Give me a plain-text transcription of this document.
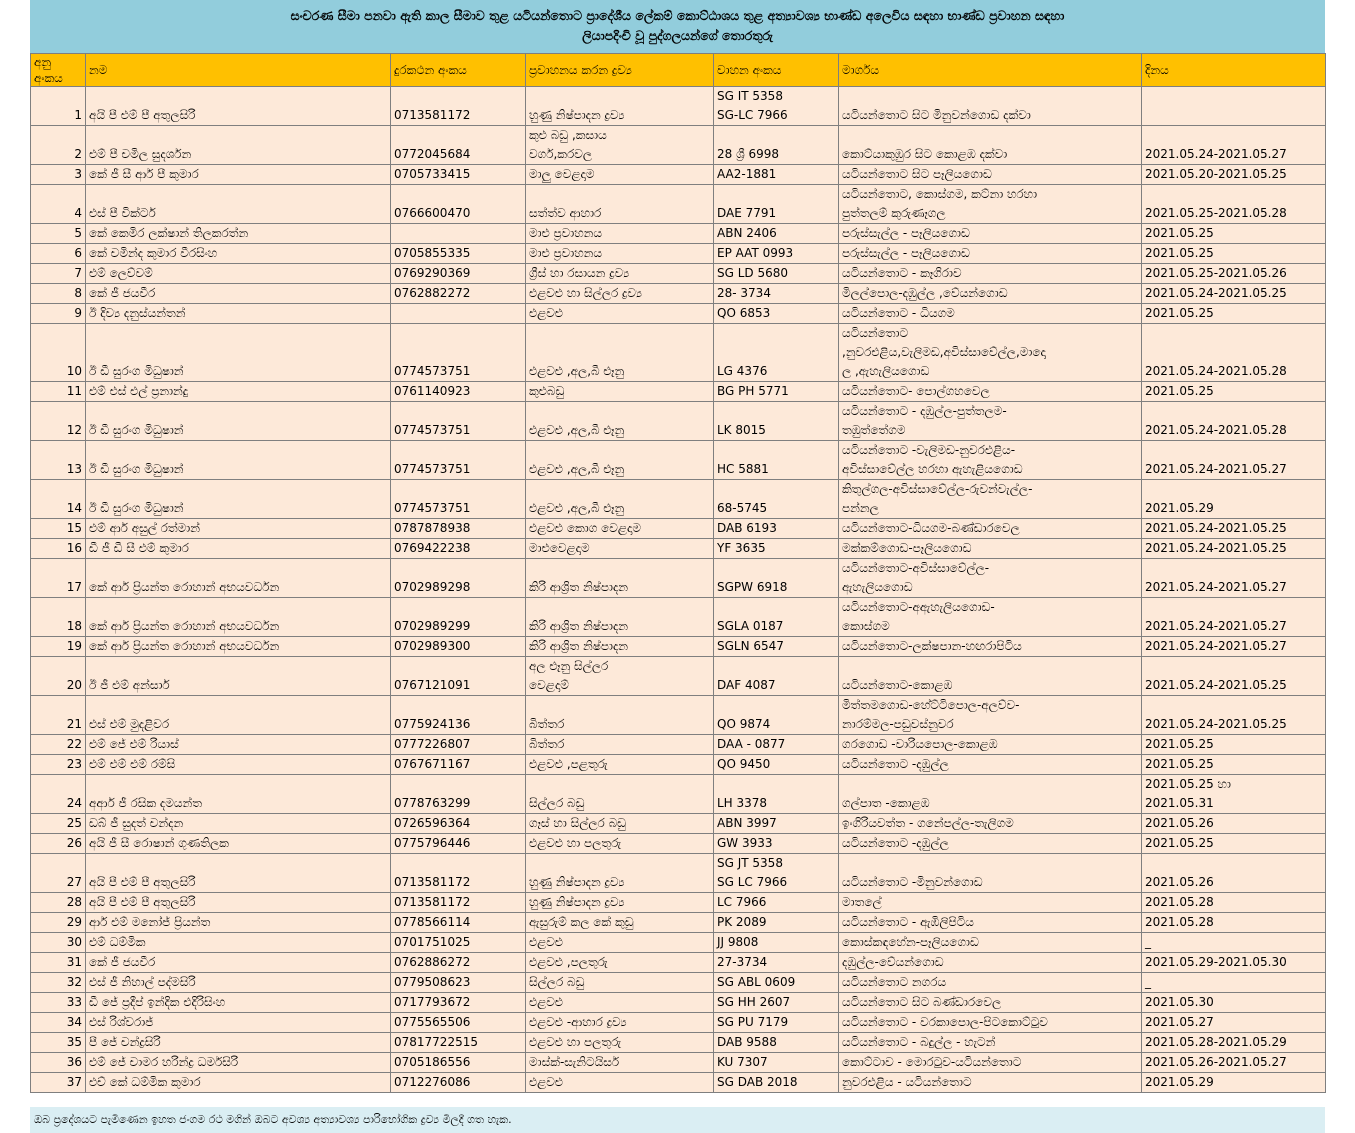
සංචරණ සීමා පනවා ඇති කාල සීමාව තුළ යටියන්තොට ප්‍රාදේශීය ලේකම් කොට්ඨාශය තුළ අත්‍යාවශ්‍ය භාණ්ඩ අලෙවිය සඳහා භාණ්ඩ ප්‍රවාහන සඳහා
ලියාපදිංචි වූ පුද්ගලයන්ගේ තොරතුරු
අනු අංකය	නම	දුරකථන අංකය	ප්‍රවාහනය කරන ද්‍රව්‍ය	වාහන අංකය	මාර්ගය	දිනය
1	අයි පී එම් පී අතුලසිරි	0713581172	හුණු නිෂ්පාදන ද්‍රව්‍ය	SG IT 5358
SG-LC 7966	යටියන්තොට සිට මිනුවන්ගොඩ දක්වා	
2	එම් පී චමිල සුදර්ශන	0772045684	කුළු බඩු ,කසාය
වර්ග,කරවල	28 ශ්‍රී 6998	කොට්යාකුඹුර සිට කොළඹ දක්වා	2021.05.24-2021.05.27
3	කේ ජී සී ආර් පී කුමාර	0705733415	මාලු වෙළදාම	AA2-1881	යටියන්තොට සිට පෑලියගොඩ	2021.05.20-2021.05.25
4	එස් පී වික්ටර්	0766600470	සත්ත්ව ආහාර	DAE 7791	යටියන්තොට, කොස්ගම, කට්නා හරහා
පුත්තලම් කුරුණෑගල	2021.05.25-2021.05.28
5	කේ කෙමිර ලක්ෂාන් තිලකරත්න		මාළු ප්‍රවාහනය	ABN 2406	පරුස්සැල්ල - පෑලියගොඩ	2021.05.25
6	කේ චමින්ද කුමාර වීරසිංහ	0705855335	මාළු ප්‍රවාහනය	EP AAT 0993	පරුස්සැල්ල - පෑලියගොඩ	2021.05.25
7	එම් ලෙව්වම්	0769290369	ග්‍රීස් හා රසායන ද්‍රව්‍ය	SG LD 5680	යටියන්තොට - කෑගිරාව	2021.05.25-2021.05.26
8	කේ ජී ජයවීර	0762882272	එළවළු හා සිල්ලර ද්‍රව්‍ය	28- 3734	මිලල්පොල-දඹුල්ල ,වේයන්ගොඩ	2021.05.24-2021.05.25
9	ඊ දිව්‍ය දනුස්යන්තන්		එළවළු	QO 6853	යටියන්තොට - ධියගම	2021.05.25
10	ඊ ඩී සුරංග මිධුෂාන්	0774573751	එළවළු ,අල,බී ළූනු	LG 4376	යටියන්තොට
,නුවරඑළිය,වැලිමඩ,අවිස්සාවේල්ල,මාදො
ල ,ඇහැලියගොඩ	2021.05.24-2021.05.28
11	එම් එස් එල් ප්‍රනාන්දු	0761140923	කුළුබඩු	BG PH 5771	යටියන්තොට- පොල්ගහවෙල	2021.05.25
12	ඊ ඩී සුරංග මිධුෂාන්	0774573751	එළවළු ,අල,බී ළූනු	LK 8015	යටියන්තොට - දඹුල්ල-පුත්තලම-
තඹුත්තේගම	2021.05.24-2021.05.28
13	ඊ ඩී සුරංග මිධුෂාන්	0774573751	එළවළු ,අල,බී ළූනු	HC 5881	යටියන්තොට -වැලිමඩ-නුවරඑළිය-
අවිස්සාවේල්ල හරහා ඇහැළියගොඩ	2021.05.24-2021.05.27
14	ඊ ඩී සුරංග මිධුෂාන්	0774573751	එළවළු ,අල,බී ළූනු	68-5745	කිතුල්ගල-අවිස්සාවේල්ල-රුවන්වැල්ල-
පන්නල	2021.05.29
15	එම් ආර් අසුල් රත්මාන්	0787878938	එළවළු කොග වෙළදාම	DAB 6193	යටියන්තොට-ධියගම-බණ්ඩාරවෙල	2021.05.24-2021.05.25
16	ඩී ජී ඩී සී එම් කුමාර	0769422238	මාළුවෙළදාම	YF 3635	මක්කම්ගොඩ-පෑලියගොඩ	2021.05.24-2021.05.25
17	කේ ආර් ප්‍රියන්ත රොහාන් අභයවර්ධන	0702989298	කිරි ආශ්‍රිත නිෂ්පාදන	SGPW 6918	යටියන්තොට-අවිස්සාවේල්ල-
ඇහැලියගොඩ	2021.05.24-2021.05.27
18	කේ ආර් ප්‍රියන්ත රොහාන් අභයවර්ධන	0702989299	කිරි ආශ්‍රිත නිෂ්පාදන	SGLA 0187	යටියන්තොට-අඇහැලියගොඩ-
කොස්ගම	2021.05.24-2021.05.27
19	කේ ආර් ප්‍රියන්ත රොහාන් අභයවර්ධන	0702989300	කිරි ආශ්‍රිත නිෂ්පාදන	SGLN 6547	යටියන්තොට-ලක්ෂපාන-හඟරාපිටිය	2021.05.24-2021.05.27
20	ඊ ජී එම් අන්සාර්	0767121091	අල ළූනු සිල්ලර
වෙළදාම්	DAF 4087	යටියන්තොට-කොළඹ	2021.05.24-2021.05.25
21	එස් එම් මුදළිවර	0775924136	බිත්තර	QO 9874	මිත්තමගොඩ-හේට්ටිපොල-අලව්ව-
නාරම්මල-පඩුවස්නුවර	2021.05.24-2021.05.25
22	එම් ජේ එම් රියාස්	0777226807	බිත්තර	DAA - 0877	ගරගොඩ -වාරියපොල-කොළඹ	2021.05.25
23	එම් එම් එම් රම්සි	0767671167	එළවළු ,පළතුරු	QO 9450	යටියන්තොට -දඹුල්ල	2021.05.25
24	අආර් ජී රසික දමයන්ත	0778763299	සිල්ලර බඩු	LH 3378	ගල්පාත -කොළඹ	2021.05.25 හා
2021.05.31
25	ඩබ් ජී සුදත් චන්දන	0726596364	ගෑස් හා සිල්ලර බඩු	ABN 3997	ඉංගිරියවත්ත - ගනේපල්ල-තැලිගම	2021.05.26
26	අයි ජී සී රොෂාන් ගුණතිලක	0775796446	එළවළු හා පලතුරු	GW 3933	යටියන්තොට -දඹුල්ල	2021.05.25
27	අයි පී එම් පී අතුලසිරි	0713581172	හුණු නිෂ්පාදන ද්‍රව්‍ය	SG JT 5358
SG LC 7966	යටියන්තොට -මිනුවන්ගොඩ	2021.05.26
28	අයි පී එම් පී අතුලසිරි	0713581172	හුණු නිෂ්පාදන ද්‍රව්‍ය	LC 7966	මාතලේ	2021.05.28
29	ආර් එම් මනෝජ් ප්‍රියන්ත	0778566114	ඇසුරුම් කල කේ කුඩු	PK 2089	යටියන්තොට - ඇඹිලිපිටිය	2021.05.28
30	එම් ධම්මික	0701751025	එළවළු	JJ 9808	කොස්කඳහේන-පෑලියගොඩ	_
31	කේ ජී ජයවීර	0762886272	එළවළු ,පලතුරු	27-3734	දඹුල්ල-වේයන්ගොඩ	2021.05.29-2021.05.30
32	එස් ජී නිහාල් පද්මසිරි	0779508623	සිල්ලර බඩු	SG ABL 0609	යටියන්තොට නගරය	_
33	ඩී ජේ ප්‍රදීප් ඉන්දික එදිරිසිංහ	0717793672	එළවළු	SG HH 2607	යටියන්තොට සිට බණ්ඩාරවෙල	2021.05.30
34	එස් රිශ්වරාජ්	0775565506	එළවළු -ආහාර ද්‍රව්‍ය	SG PU 7179	යටියන්තොට - වරකාපොල-පිටකොට්ටුව	2021.05.27
35	පී ජේ චන්ද්‍රසිරි	07817722515	එළවළු හා පලතුරු	DAB 9588	යටියන්තොට - බදුල්ල - හැටන්	2021.05.28-2021.05.29
36	එම් ජේ චාමර හරින්ද්‍ර ධර්මසිරි	0705186556	මාස්ක්-සැනිටයිසර්	KU 7307	කොට්ටාව - මොරටුව-යටියන්තොට	2021.05.26-2021.05.27
37	එච් කේ ධම්මික කුමාර	0712276086	එළවළු	SG DAB 2018	නුවරඑළිය - යටියන්තොට	2021.05.29
ඔබ ප්‍රදේශයට පැමිණෙන ඉහත ජංගම රථ මගින් ඔබට අවශ්‍ය අත්‍යාවශ්‍ය පාරිභෝගික ද්‍රව්‍ය මිලදී ගත හැක.
